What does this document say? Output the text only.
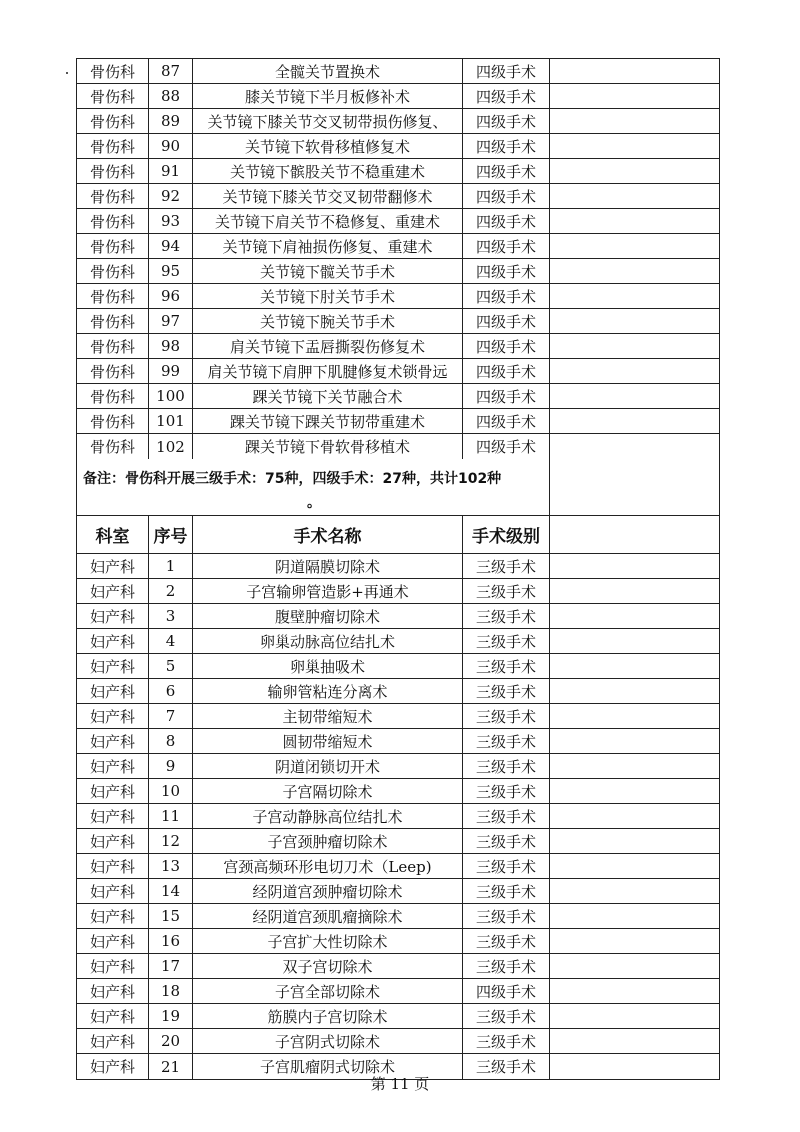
骨伤科	87	全髋关节置换术	四级手术
骨伤科	88	膝关节镜下半月板修补术	四级手术
骨伤科	89	关节镜下膝关节交叉韧带损伤修复、	四级手术
骨伤科	90	关节镜下软骨移植修复术	四级手术
骨伤科	91	关节镜下髌股关节不稳重建术	四级手术
骨伤科	92	关节镜下膝关节交叉韧带翻修术	四级手术
骨伤科	93	关节镜下肩关节不稳修复、重建术	四级手术
骨伤科	94	关节镜下肩袖损伤修复、重建术	四级手术
骨伤科	95	关节镜下髋关节手术	四级手术
骨伤科	96	关节镜下肘关节手术	四级手术
骨伤科	97	关节镜下腕关节手术	四级手术
骨伤科	98	肩关节镜下盂唇撕裂伤修复术	四级手术
骨伤科	99	肩关节镜下肩胛下肌腱修复术锁骨远	四级手术
骨伤科	100	踝关节镜下关节融合术	四级手术
骨伤科	101	踝关节镜下踝关节韧带重建术	四级手术
骨伤科	102	踝关节镜下骨软骨移植术	四级手术
备注：骨伤科开展三级手术：75种，四级手术：27种，共计102种
。
科室	序号	手术名称	手术级别
妇产科	1	阴道隔膜切除术	三级手术
妇产科	2	子宫输卵管造影+再通术	三级手术
妇产科	3	腹壁肿瘤切除术	三级手术
妇产科	4	卵巢动脉高位结扎术	三级手术
妇产科	5	卵巢抽吸术	三级手术
妇产科	6	输卵管粘连分离术	三级手术
妇产科	7	主韧带缩短术	三级手术
妇产科	8	圆韧带缩短术	三级手术
妇产科	9	阴道闭锁切开术	三级手术
妇产科	10	子宫隔切除术	三级手术
妇产科	11	子宫动静脉高位结扎术	三级手术
妇产科	12	子宫颈肿瘤切除术	三级手术
妇产科	13	宫颈高频环形电切刀术（Leep)	三级手术
妇产科	14	经阴道宫颈肿瘤切除术	三级手术
妇产科	15	经阴道宫颈肌瘤摘除术	三级手术
妇产科	16	子宫扩大性切除术	三级手术
妇产科	17	双子宫切除术	三级手术
妇产科	18	子宫全部切除术	四级手术
妇产科	19	筋膜内子宫切除术	三级手术
妇产科	20	子宫阴式切除术	三级手术
妇产科	21	子宫肌瘤阴式切除术	三级手术
第 11 页
